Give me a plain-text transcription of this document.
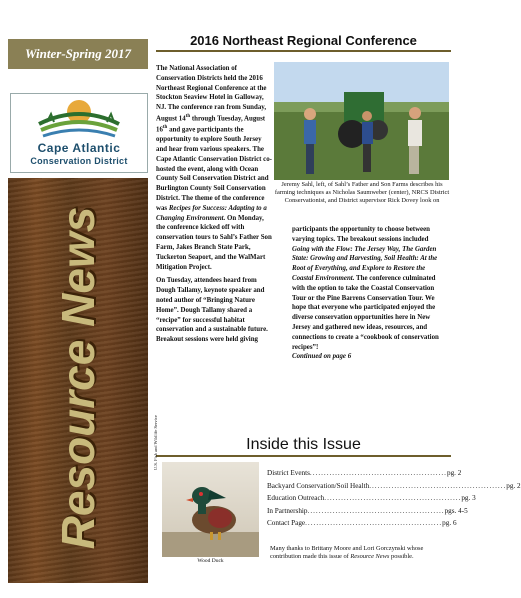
Winter-Spring 2017
Cape Atlantic
Conservation District
Resource News
2016 Northeast Regional Conference
Jeremy Sahl, left, of Sahl’s Father and Son Farms describes his farming techniques as Nicholas Saumweber (center), NRCS District Conservationist, and District supervisor Rick Dovey look on

The National Association of Conservation Districts held the 2016 Northeast Regional Conference at the Stockton Seaview Hotel in Galloway, NJ. The conference ran from Sunday, August 14th through Tuesday, August 16th and gave participants the opportunity to explore South Jersey and hear from various speakers. The Cape Atlantic Conservation District co-hosted the event, along with Ocean County Soil Conservation District and Burlington County Soil Conservation District. The theme of the conference was Recipes for Success: Adapting to a Changing Environment. On Monday, the conference kicked off with conservation tours to Sahl’s Father Son Farm, Jakes Branch State Park, Tuckerton Seaport, and the WalMart Mitigation Project.

On Tuesday, attendees heard from Dough Tallamy, keynote speaker and noted author of “Bringing Nature Home”. Dough Tallamy shared a “recipe” for successful habitat conservation and a sustainable future. Breakout sessions were held giving

participants the opportunity to choose between varying topics. The breakout sessions included Going with the Flow: The Jersey Way, The Garden State: Growing and Harvesting, Soil Health: At the Root of Everything, and Explore to Restore the Coastal Environment. The conference culminated with the option to take the Coastal Conservation Tour or the Pine Barrens Conservation Tour. We hope that everyone who participated enjoyed the diverse conservation opportunities here in New Jersey and gathered new ideas, resources, and connections to create a “cookbook of conservation recipes”!
Continued on page 6

Inside this Issue
U.S. Fish and Wildlife Service
Wood Duck
District Events ................................................. pg. 2
Backyard Conservation/Soil Health ................................................. pg. 2
Education Outreach ................................................. pg. 3
In Partnership ................................................. pgs. 4-5
Contact Page ................................................. pg. 6
Many thanks to Brittany Moore and Lori Gorczynski whose contribution made this issue of Resource News possible.
